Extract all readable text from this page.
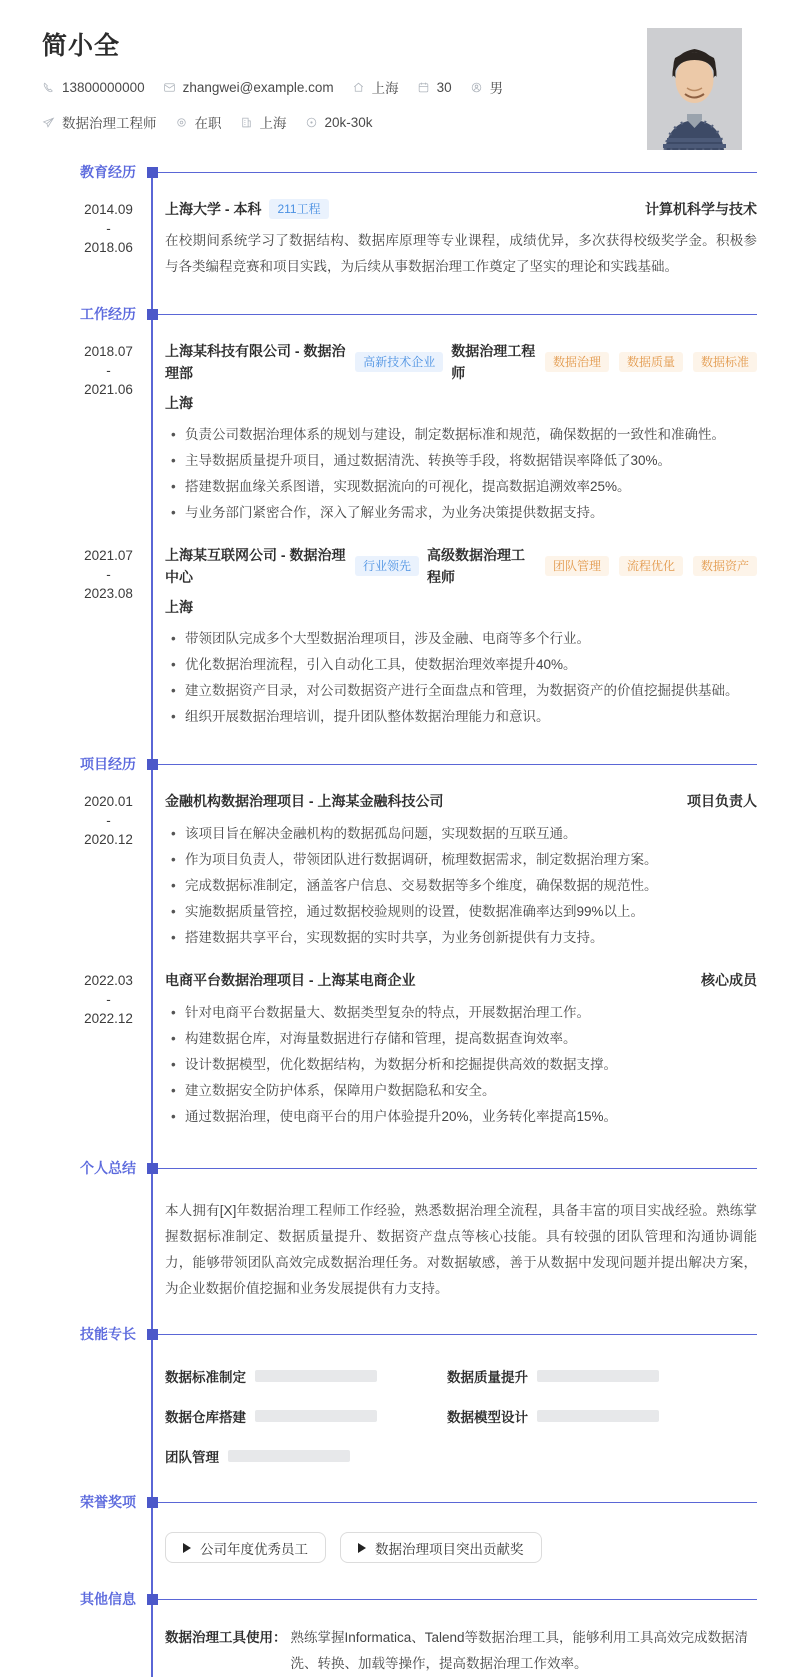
简小全
13800000000	zhangwei@example.com	上海	30	男
数据治理工程师	在职	上海	20k-30k
教育经历
2014.09
-
2018.06
上海大学 - 本科	211工程	计算机科学与技术
在校期间系统学习了数据结构、数据库原理等专业课程，成绩优异，多次获得校级奖学金。积极参与各类编程竞赛和项目实践，为后续从事数据治理工作奠定了坚实的理论和实践基础。
工作经历
2018.07
-
2021.06
上海某科技有限公司 - 数据治理部
高新技术企业
数据治理工程师
数据治理	数据质量	数据标准
上海
• 负责公司数据治理体系的规划与建设，制定数据标准和规范，确保数据的一致性和准确性。
• 主导数据质量提升项目，通过数据清洗、转换等手段，将数据错误率降低了30%。
• 搭建数据血缘关系图谱，实现数据流向的可视化，提高数据追溯效率25%。
• 与业务部门紧密合作，深入了解业务需求，为业务决策提供数据支持。
2021.07
-
2023.08
上海某互联网公司 - 数据治理中心
行业领先
高级数据治理工程师
团队管理	流程优化	数据资产
上海
• 带领团队完成多个大型数据治理项目，涉及金融、电商等多个行业。
• 优化数据治理流程，引入自动化工具，使数据治理效率提升40%。
• 建立数据资产目录，对公司数据资产进行全面盘点和管理，为数据资产的价值挖掘提供基础。
• 组织开展数据治理培训，提升团队整体数据治理能力和意识。
项目经历
2020.01
-
2020.12
金融机构数据治理项目 - 上海某金融科技公司	项目负责人
• 该项目旨在解决金融机构的数据孤岛问题，实现数据的互联互通。
• 作为项目负责人，带领团队进行数据调研，梳理数据需求，制定数据治理方案。
• 完成数据标准制定，涵盖客户信息、交易数据等多个维度，确保数据的规范性。
• 实施数据质量管控，通过数据校验规则的设置，使数据准确率达到99%以上。
• 搭建数据共享平台，实现数据的实时共享，为业务创新提供有力支持。
2022.03
-
2022.12
电商平台数据治理项目 - 上海某电商企业	核心成员
• 针对电商平台数据量大、数据类型复杂的特点，开展数据治理工作。
• 构建数据仓库，对海量数据进行存储和管理，提高数据查询效率。
• 设计数据模型，优化数据结构，为数据分析和挖掘提供高效的数据支撑。
• 建立数据安全防护体系，保障用户数据隐私和安全。
• 通过数据治理，使电商平台的用户体验提升20%，业务转化率提高15%。
个人总结
本人拥有[X]年数据治理工程师工作经验，熟悉数据治理全流程，具备丰富的项目实战经验。熟练掌握数据标准制定、数据质量提升、数据资产盘点等核心技能。具有较强的团队管理和沟通协调能力，能够带领团队高效完成数据治理任务。对数据敏感，善于从数据中发现问题并提出解决方案，为企业数据价值挖掘和业务发展提供有力支持。
技能专长
数据标准制定	数据质量提升
数据仓库搭建	数据模型设计
团队管理
荣誉奖项
公司年度优秀员工	数据治理项目突出贡献奖
其他信息
数据治理工具使用： 熟练掌握Informatica、Talend等数据治理工具，能够利用工具高效完成数据清洗、转换、加载等操作，提高数据治理工作效率。
